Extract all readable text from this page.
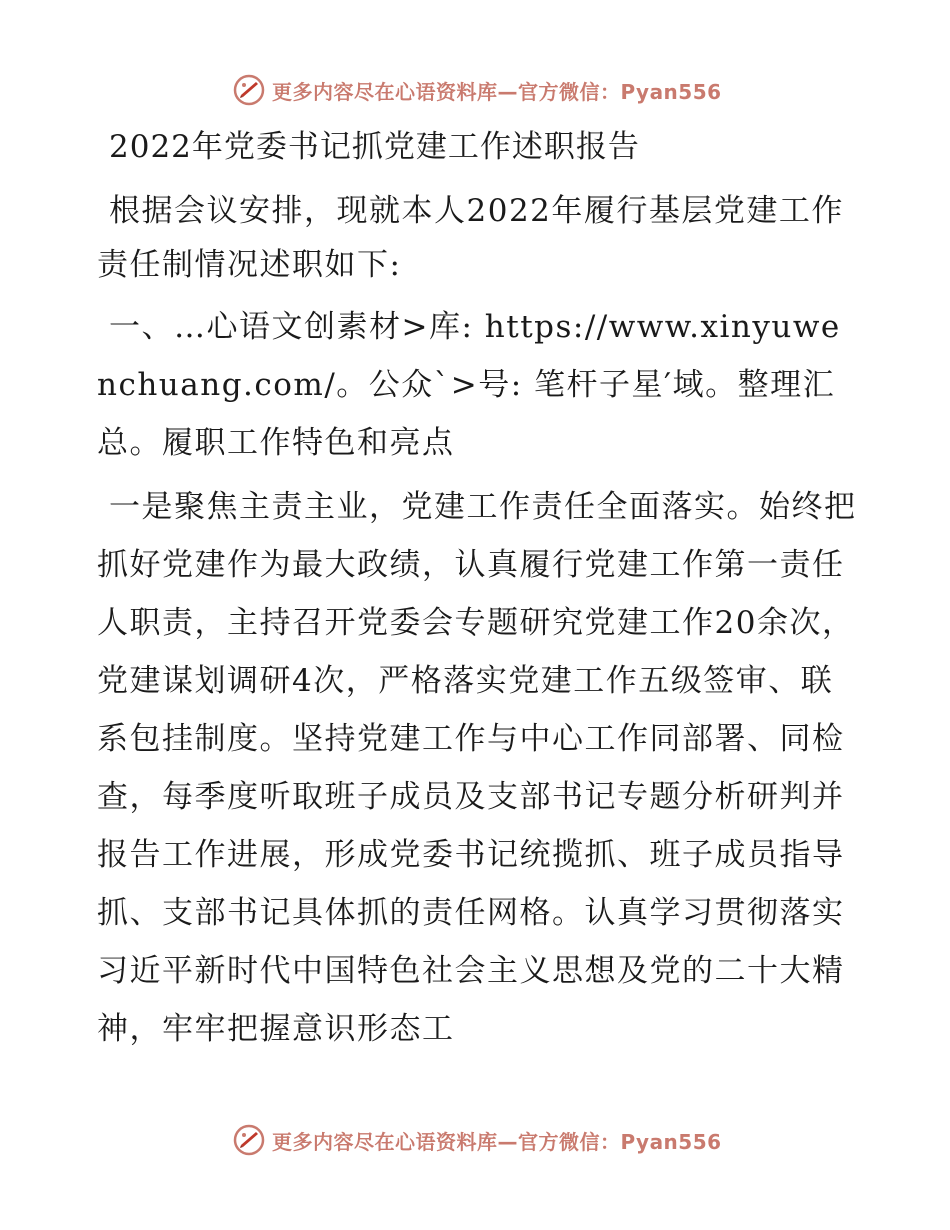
更多内容尽在心语资料库—官方微信：Pyan556
2022年党委书记抓党建工作述职报告

根据会议安排，现就本人2022年履行基层党建工作责任制情况述职如下:

一、…心语文创素材>库: https://www.xinyuwenchuang.com/。公众`>号: 笔杆子星′域。整理汇总。履职工作特色和亮点

一是聚焦主责主业，党建工作责任全面落实。始终把抓好党建作为最大政绩，认真履行党建工作第一责任人职责，主持召开党委会专题研究党建工作20余次，党建谋划调研4次，严格落实党建工作五级签审、联系包挂制度。坚持党建工作与中心工作同部署、同检查，每季度听取班子成员及支部书记专题分析研判并报告工作进展，形成党委书记统揽抓、班子成员指导抓、支部书记具体抓的责任网格。认真学习贯彻落实习近平新时代中国特色社会主义思想及党的二十大精神，牢牢把握意识形态工

更多内容尽在心语资料库—官方微信：Pyan556
